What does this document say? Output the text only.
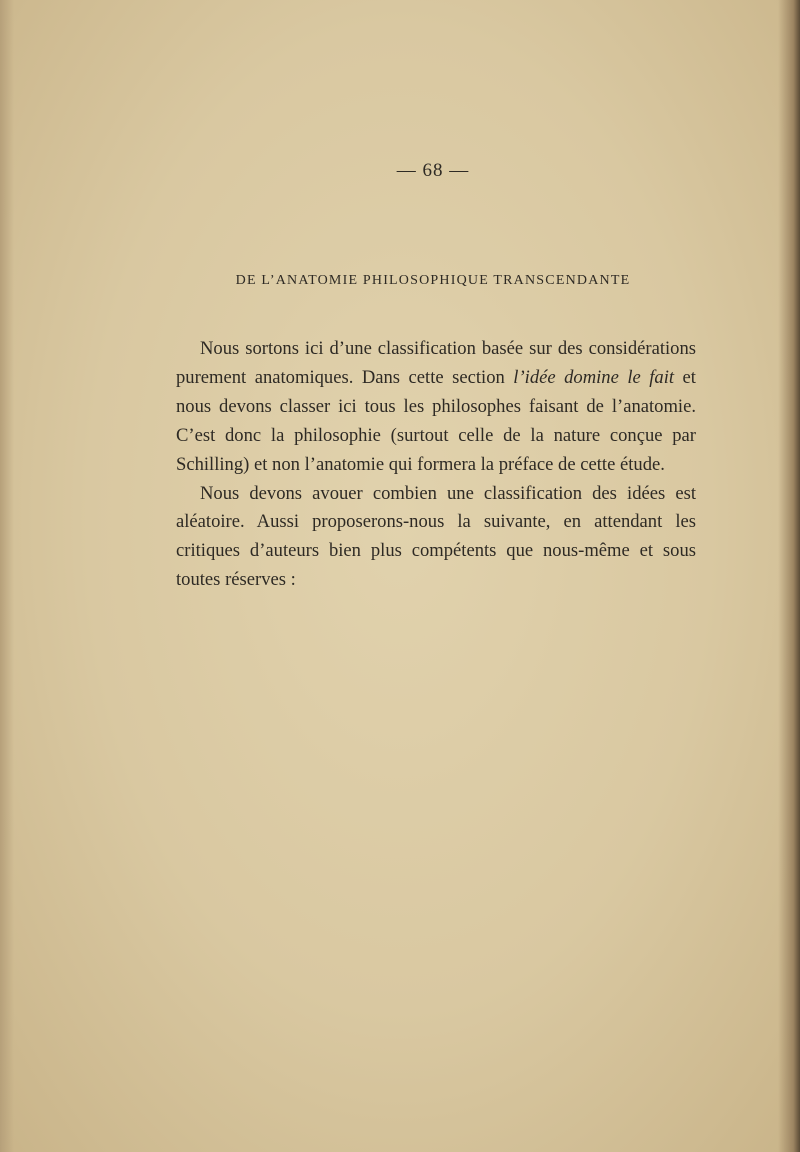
— 68 —
DE L’ANATOMIE PHILOSOPHIQUE TRANSCENDANTE

Nous sortons ici d’une classification basée sur des considérations purement anatomiques. Dans cette section l’idée domine le fait et nous devons classer ici tous les philosophes faisant de l’anatomie. C’est donc la philosophie (surtout celle de la nature conçue par Schilling) et non l’anatomie qui formera la préface de cette étude.

Nous devons avouer combien une classification des idées est aléatoire. Aussi proposerons-nous la suivante, en attendant les critiques d’auteurs bien plus compétents que nous-même et sous toutes réserves :
